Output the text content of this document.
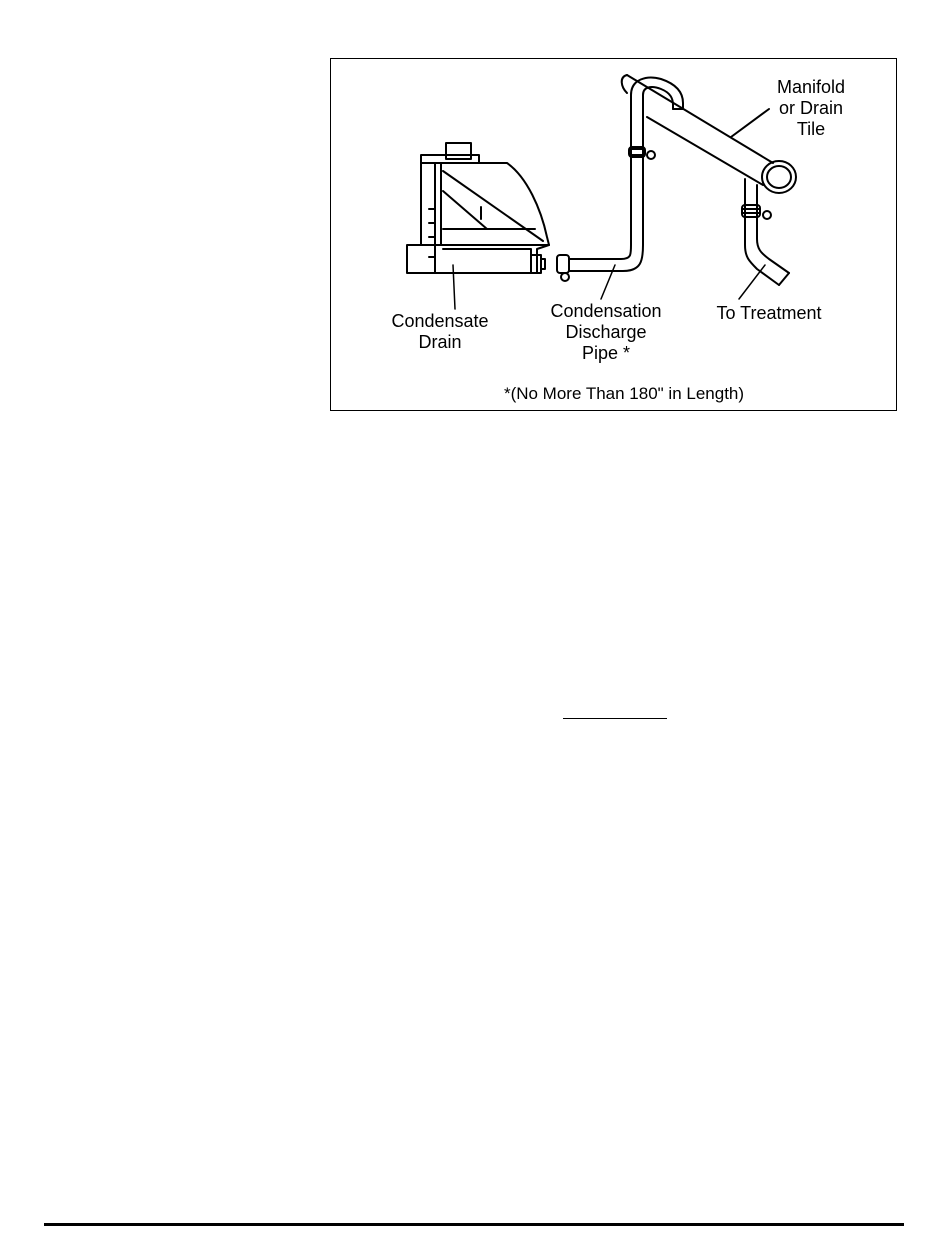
Manifold
or Drain
Tile
Condensate
Drain
Condensation
Discharge
Pipe *
To Treatment
*(No More Than 180" in Length)
